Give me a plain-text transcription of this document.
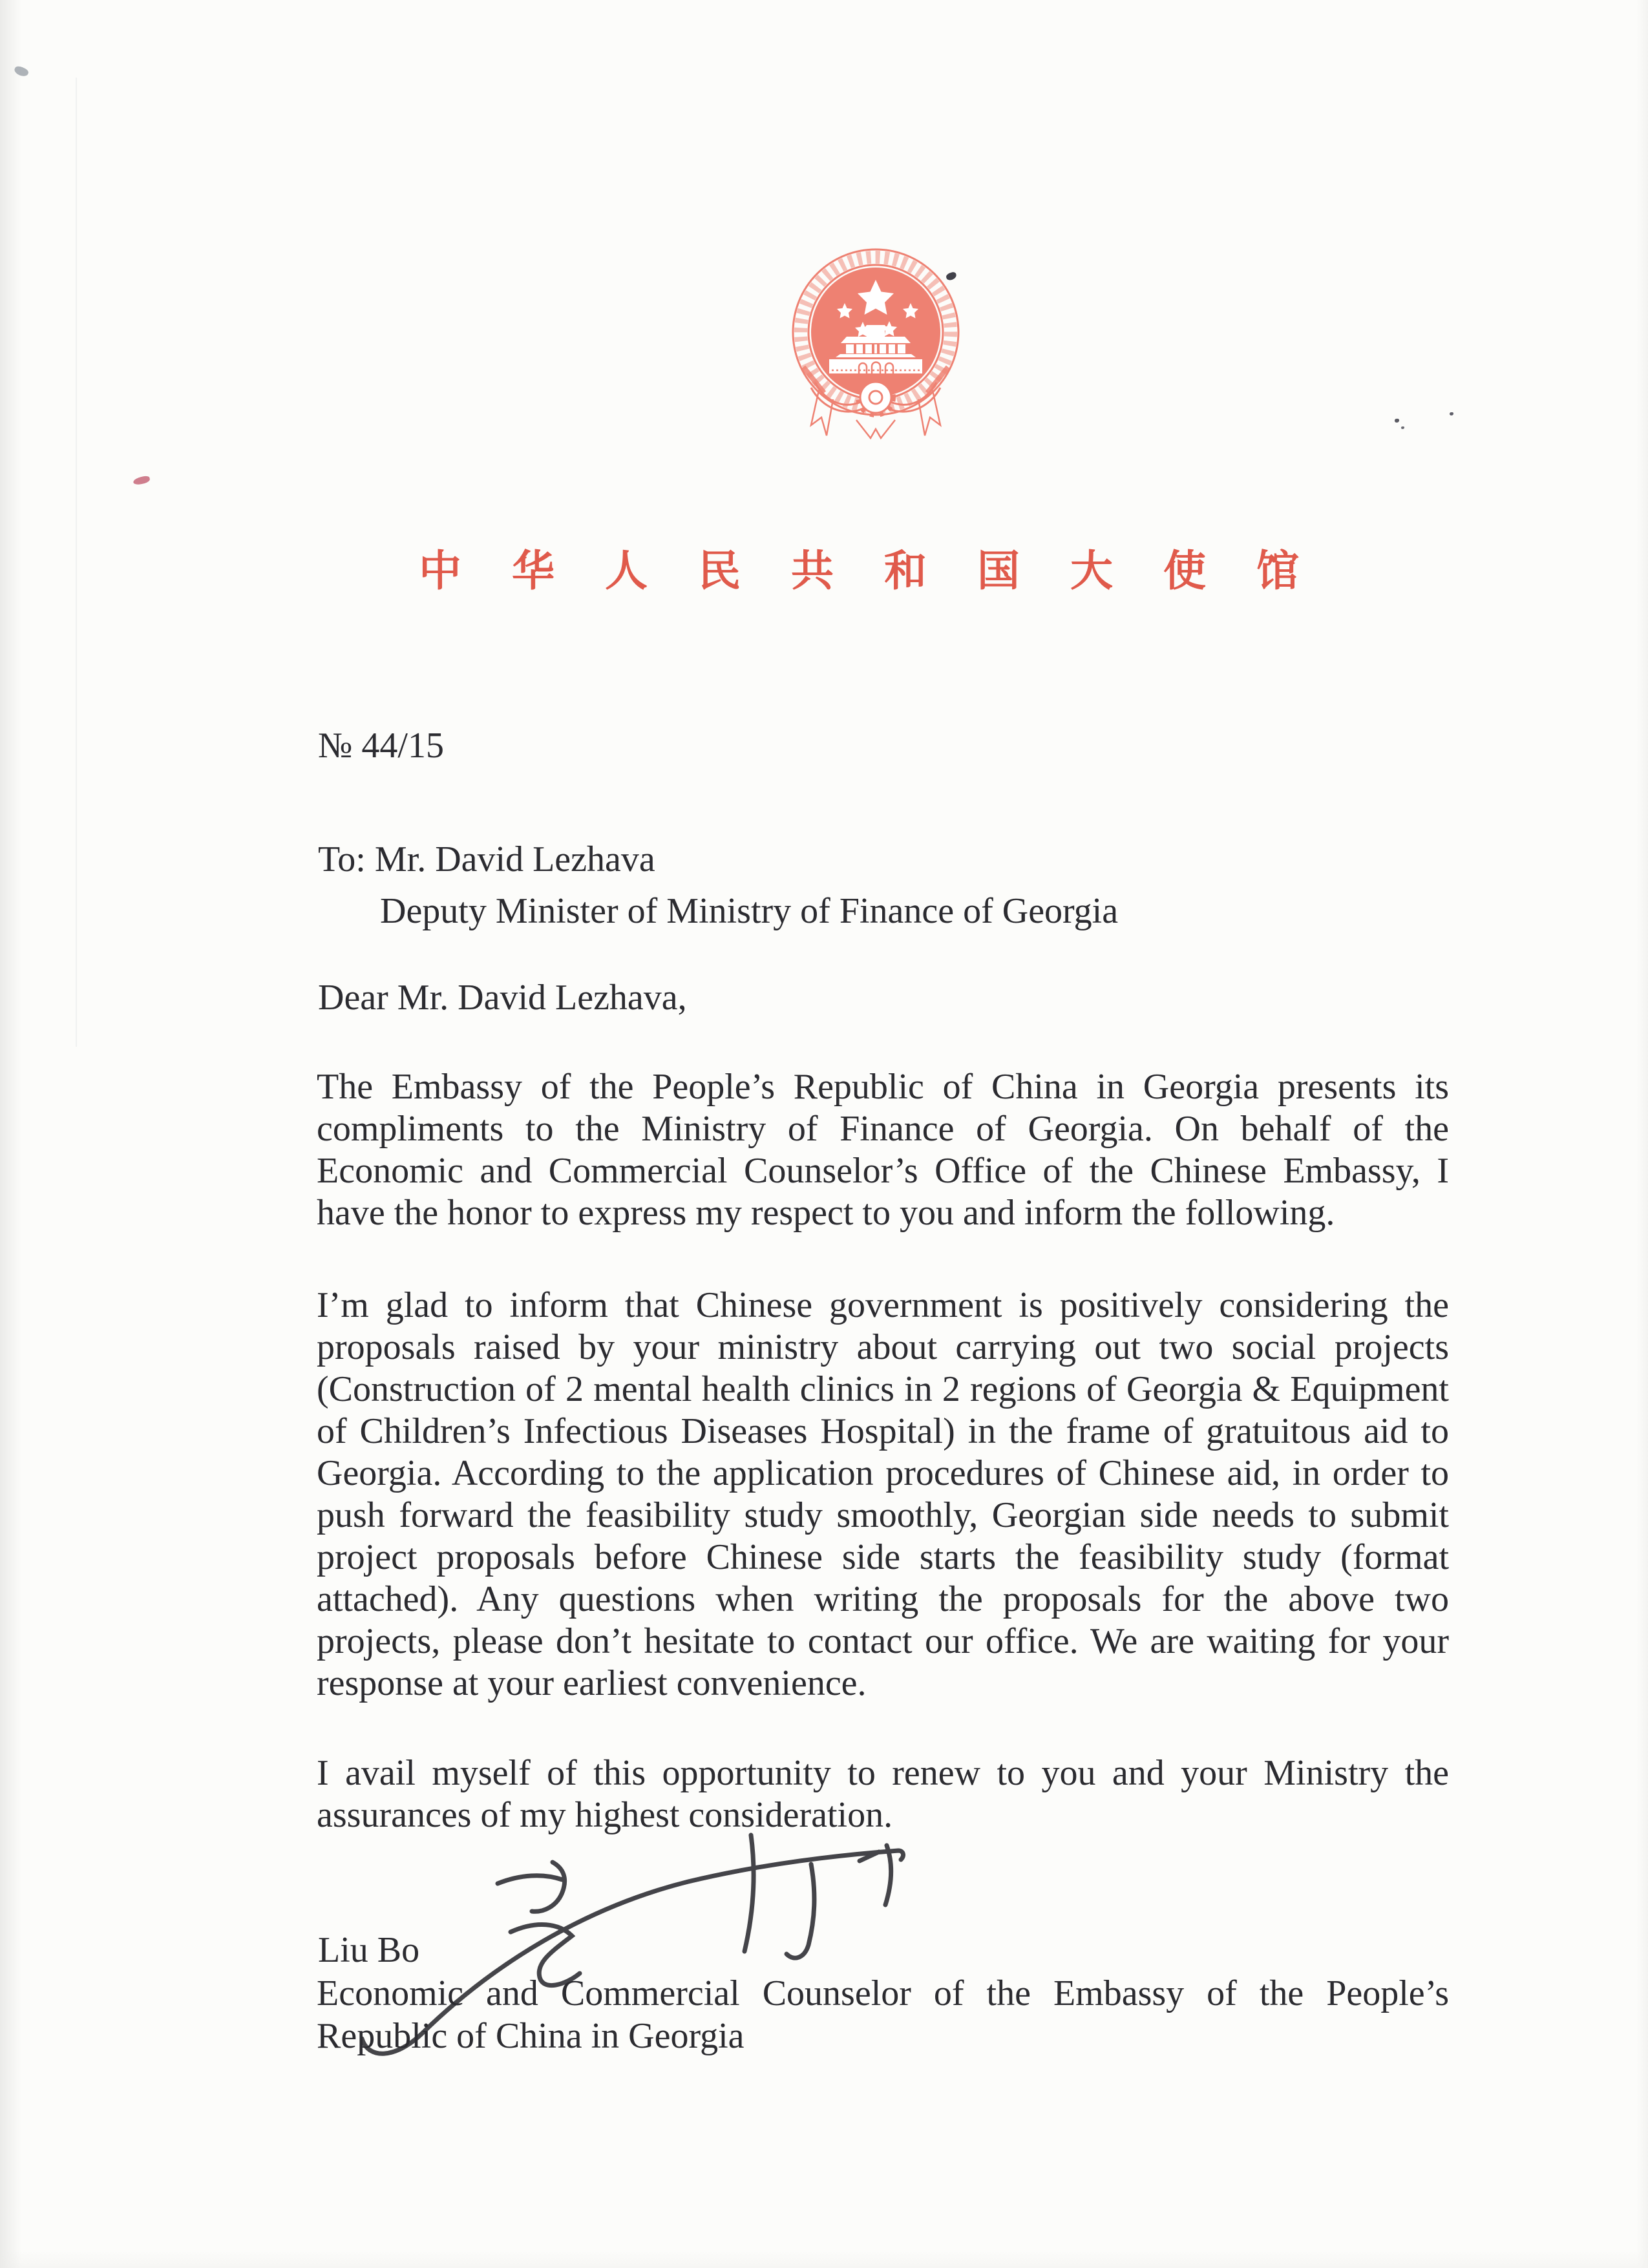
中华人民共和国大使馆
№ 44/15
To: Mr. David Lezhava
Deputy Minister of Ministry of Finance of Georgia
Dear Mr. David Lezhava,
The Embassy of the People’s Republic of China in Georgia presents its compliments to the Ministry of Finance of Georgia. On behalf of the Economic and Commercial Counselor’s Office of the Chinese Embassy, I have the honor to express my respect to you and inform the following.
I’m glad to inform that Chinese government is positively considering the proposals raised by your ministry about carrying out two social projects (Construction of 2 mental health clinics in 2 regions of Georgia & Equipment of Children’s Infectious Diseases Hospital) in the frame of gratuitous aid to Georgia. According to the application procedures of Chinese aid, in order to push forward the feasibility study smoothly, Georgian side needs to submit project proposals before Chinese side starts the feasibility study (format attached). Any questions when writing the proposals for the above two projects, please don’t hesitate to contact our office. We are waiting for your response at your earliest convenience.
I avail myself of this opportunity to renew to you and your Ministry the assurances of my highest consideration.
Liu Bo
Economic and Commercial Counselor of the Embassy of the People’s Republic of China in Georgia
